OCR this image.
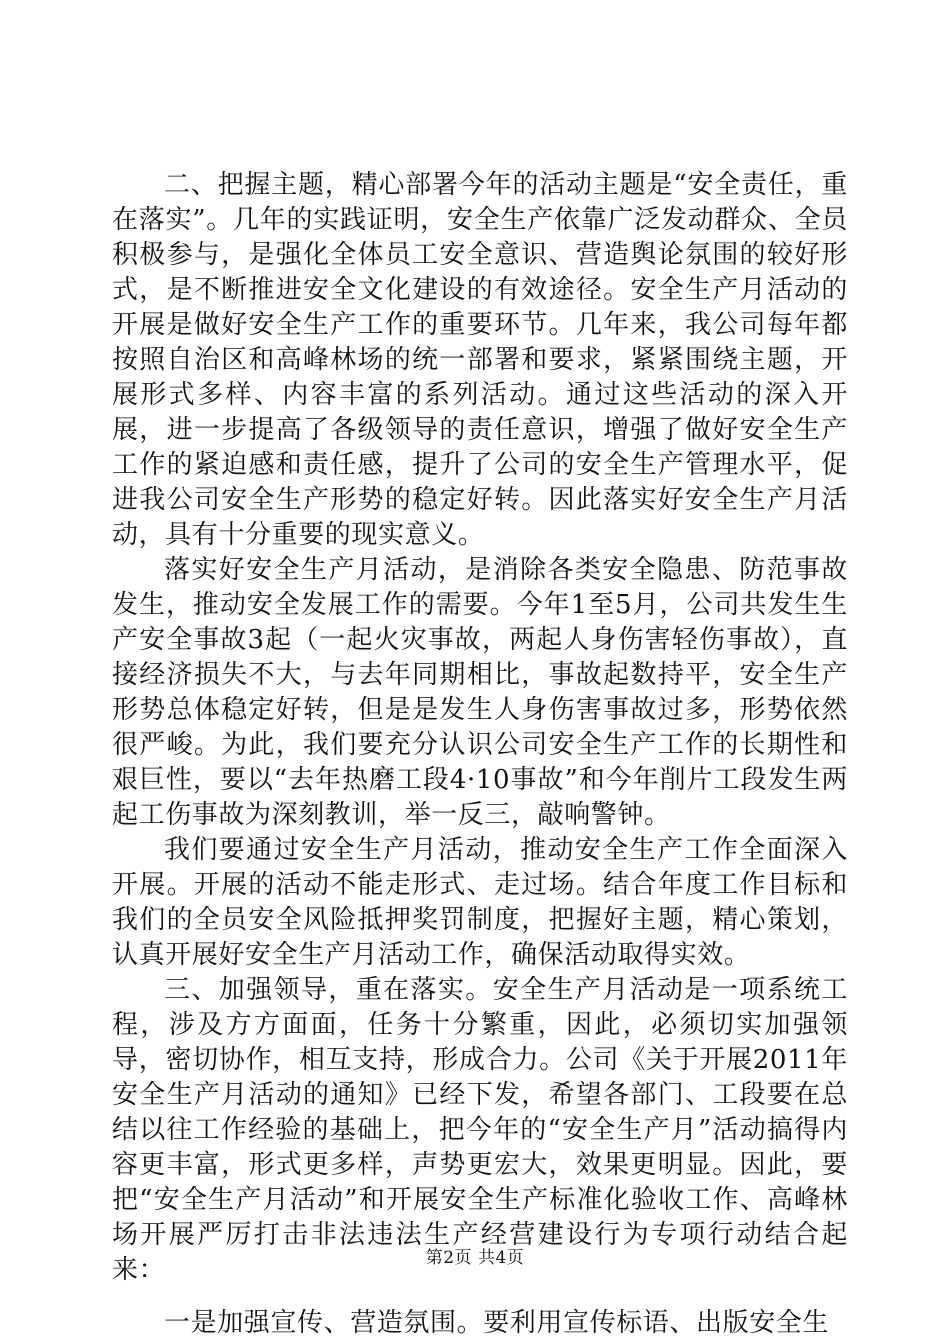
二、把握主题，精心部署今年的活动主题是“安全责任，重在落实”。几年的实践证明，安全生产依靠广泛发动群众、全员积极参与，是强化全体员工安全意识、营造舆论氛围的较好形式，是不断推进安全文化建设的有效途径。安全生产月活动的开展是做好安全生产工作的重要环节。几年来，我公司每年都按照自治区和高峰林场的统一部署和要求，紧紧围绕主题，开展形式多样、内容丰富的系列活动。通过这些活动的深入开展，进一步提高了各级领导的责任意识，增强了做好安全生产工作的紧迫感和责任感，提升了公司的安全生产管理水平，促进我公司安全生产形势的稳定好转。因此落实好安全生产月活动，具有十分重要的现实意义。

落实好安全生产月活动，是消除各类安全隐患、防范事故发生，推动安全发展工作的需要。今年1至5月，公司共发生生产安全事故3起（一起火灾事故，两起人身伤害轻伤事故），直接经济损失不大，与去年同期相比，事故起数持平，安全生产形势总体稳定好转，但是是发生人身伤害事故过多，形势依然很严峻。为此，我们要充分认识公司安全生产工作的长期性和艰巨性，要以“去年热磨工段4·10事故”和今年削片工段发生两起工伤事故为深刻教训，举一反三，敲响警钟。

我们要通过安全生产月活动，推动安全生产工作全面深入开展。开展的活动不能走形式、走过场。结合年度工作目标和我们的全员安全风险抵押奖罚制度，把握好主题，精心策划，认真开展好安全生产月活动工作，确保活动取得实效。

三、加强领导，重在落实。安全生产月活动是一项系统工程，涉及方方面面，任务十分繁重，因此，必须切实加强领导，密切协作，相互支持，形成合力。公司《关于开展2011年安全生产月活动的通知》已经下发，希望各部门、工段要在总结以往工作经验的基础上，把今年的“安全生产月”活动搞得内容更丰富，形式更多样，声势更宏大，效果更明显。因此，要把“安全生产月活动”和开展安全生产标准化验收工作、高峰林场开展严厉打击非法违法生产经营建设行为专项行动结合起来：

一是加强宣传、营造氛围。要利用宣传标语、出版安全生

第2页 共4页
